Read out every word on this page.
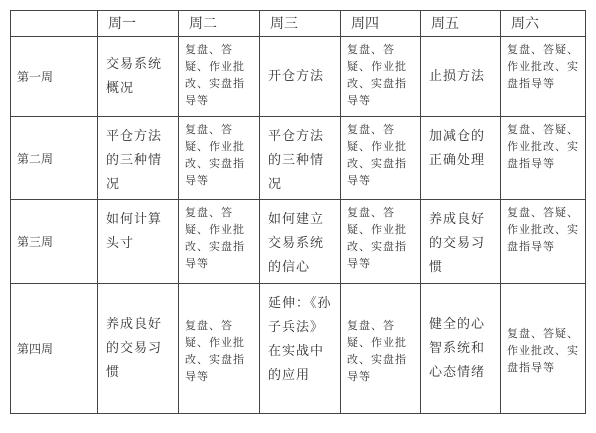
	周一	周二	周三	周四	周五	周六
第一周	交易系统概况	复盘、答疑、作业批改、实盘指导等	开仓方法	复盘、答疑、作业批改、实盘指导等	止损方法	复盘、答疑、作业批改、实盘指导等
第二周	平仓方法的三种情况	复盘、答疑、作业批改、实盘指导等	平仓方法的三种情况	复盘、答疑、作业批改、实盘指导等	加减仓的正确处理	复盘、答疑、作业批改、实盘指导等
第三周	如何计算头寸	复盘、答疑、作业批改、实盘指导等	如何建立交易系统的信心	复盘、答疑、作业批改、实盘指导等	养成良好的交易习惯	复盘、答疑、作业批改、实盘指导等
第四周	养成良好的交易习惯	复盘、答疑、作业批改、实盘指导等	延伸：《孙子兵法》在实战中的应用	复盘、答疑、作业批改、实盘指导等	健全的心智系统和心态情绪	复盘、答疑、作业批改、实盘指导等
